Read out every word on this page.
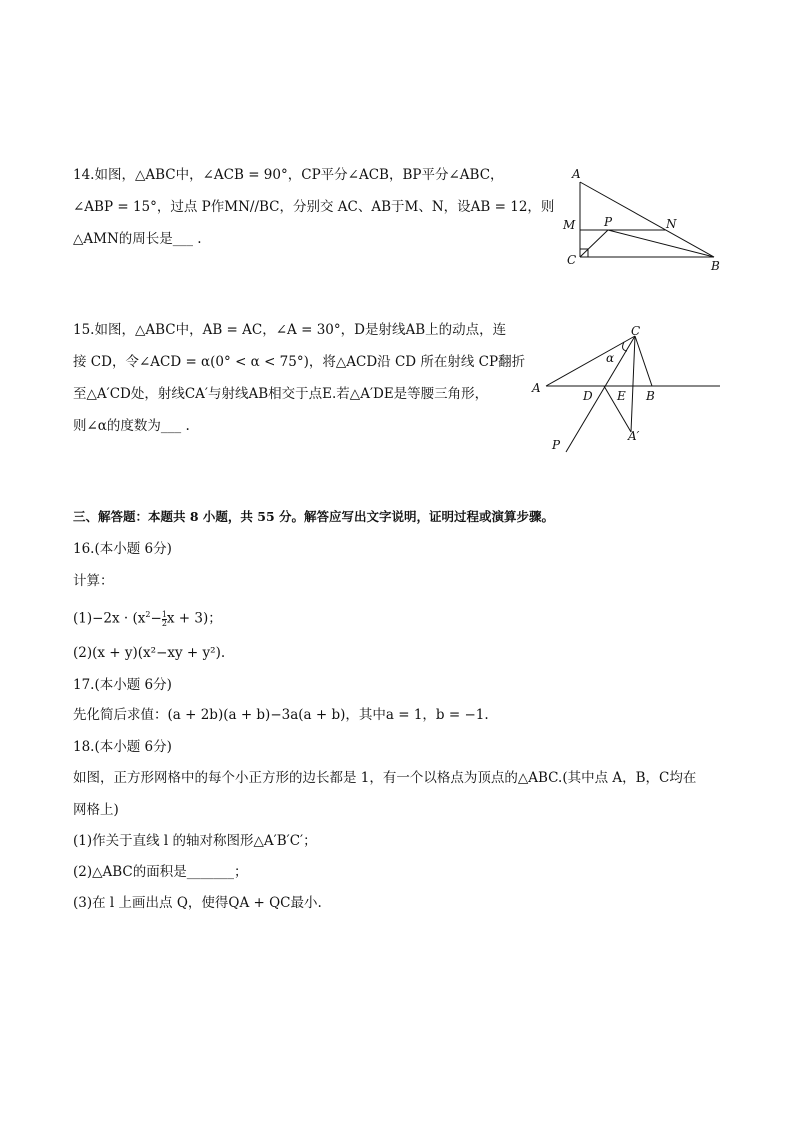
14.如图，△ABC中，∠ACB = 90°，CP平分∠ACB，BP平分∠ABC，
∠ABP = 15°，过点 P作MN//BC，分别交 AC、AB于M、N，设AB = 12，则
△AMN的周长是___ .
A
M P	N
C	B
15.如图，△ABC中，AB = AC，∠A = 30°，D是射线AB上的动点，连
接 CD，令∠ACD = α(0° < α < 75°)，将△ACD沿 CD 所在射线 CP翻折
至△A′CD处，射线CA′与射线AB相交于点E.若△A′DE是等腰三角形，
则∠α的度数为___ .
C
α
A
D E B
P
A′
三、解答题：本题共 8 小题，共 55 分。解答应写出文字说明，证明过程或演算步骤。
16.(本小题 6分)
计算：
$(1)-2x \cdot (x^2- \frac{1}{2}$ x + 3)；
(2)(x + y)(x²−xy + y²).
17.(本小题 6分)
先化简后求值：(a + 2b)(a + b)−3a(a + b)，其中a = 1，b = −1.
18.(本小题 6分)
如图，正方形网格中的每个小正方形的边长都是 1，有一个以格点为顶点的△ABC.(其中点 A，B，C均在
网格上)
(1)作关于直线 l 的轴对称图形△A′B′C′；
(2)△ABC的面积是_______；
(3)在 l 上画出点 Q，使得QA + QC最小.
